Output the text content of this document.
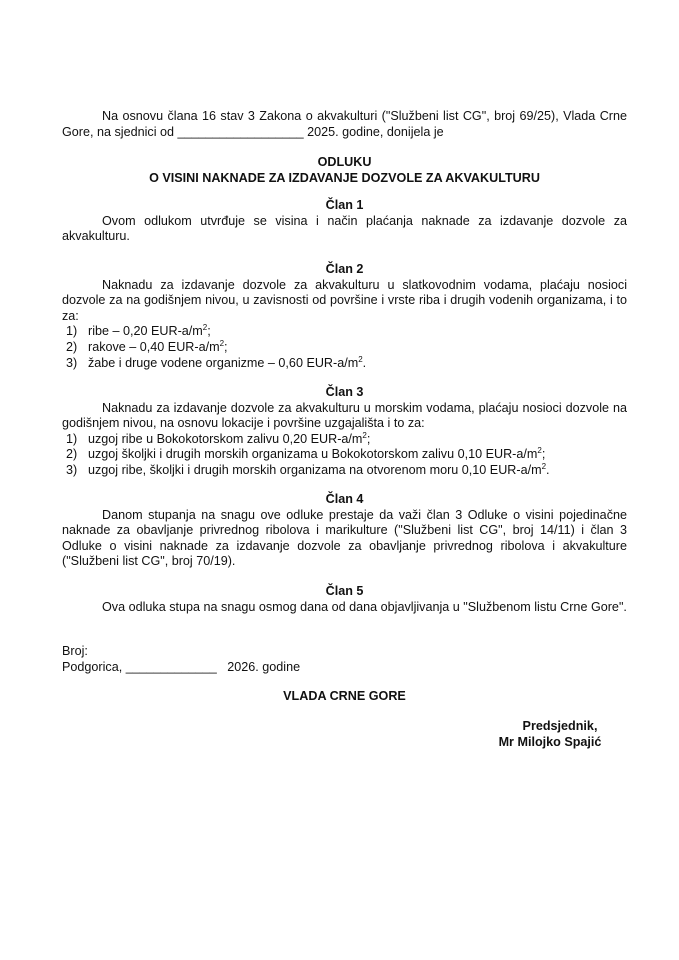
Na osnovu člana 16 stav 3 Zakona o akvakulturi ("Službeni list CG", broj 69/25), Vlada Crne Gore, na sjednici od __________________ 2025. godine, donijela je
ODLUKU
O VISINI NAKNADE ZA IZDAVANJE DOZVOLE ZA AKVAKULTURU
Član 1
Ovom odlukom utvrđuje se visina i način plaćanja naknade za izdavanje dozvole za akvakulturu.
Član 2
Naknadu za izdavanje dozvole za akvakulturu u slatkovodnim vodama, plaćaju nosioci dozvole za na godišnjem nivou, u zavisnosti od površine i vrste riba i drugih vodenih organizama, i to za:
1) ribe – 0,20 EUR-$a/m^2$;
2) rakove – 0,40 EUR-$a/m^2$;
3) žabe i druge vodene organizme – 0,60 EUR-$a/m^2$.
Član 3
Naknadu za izdavanje dozvole za akvakulturu u morskim vodama, plaćaju nosioci dozvole na godišnjem nivou, na osnovu lokacije i površine uzgajališta i to za:
1) uzgoj ribe u Bokokotorskom zalivu 0,20 EUR-$a/m^2$;
2) uzgoj školjki i drugih morskih organizama u Bokokotorskom zalivu 0,10 EUR-$a/m^2$;
3) uzgoj ribe, školjki i drugih morskih organizama na otvorenom moru 0,10 EUR-$a/m^2$.
Član 4
Danom stupanja na snagu ove odluke prestaje da važi član 3 Odluke o visini pojedinačne naknade za obavljanje privrednog ribolova i marikulture ("Službeni list CG", broj 14/11) i član 3 Odluke o visini naknade za izdavanje dozvole za obavljanje privrednog ribolova i akvakulture ("Službeni list CG", broj 70/19).
Član 5
Ova odluka stupa na snagu osmog dana od dana objavljivanja u "Službenom listu Crne Gore".
Broj:
Podgorica, _____________ 2026. godine
VLADA CRNE GORE
Predsjednik,
Mr Milojko Spajić
